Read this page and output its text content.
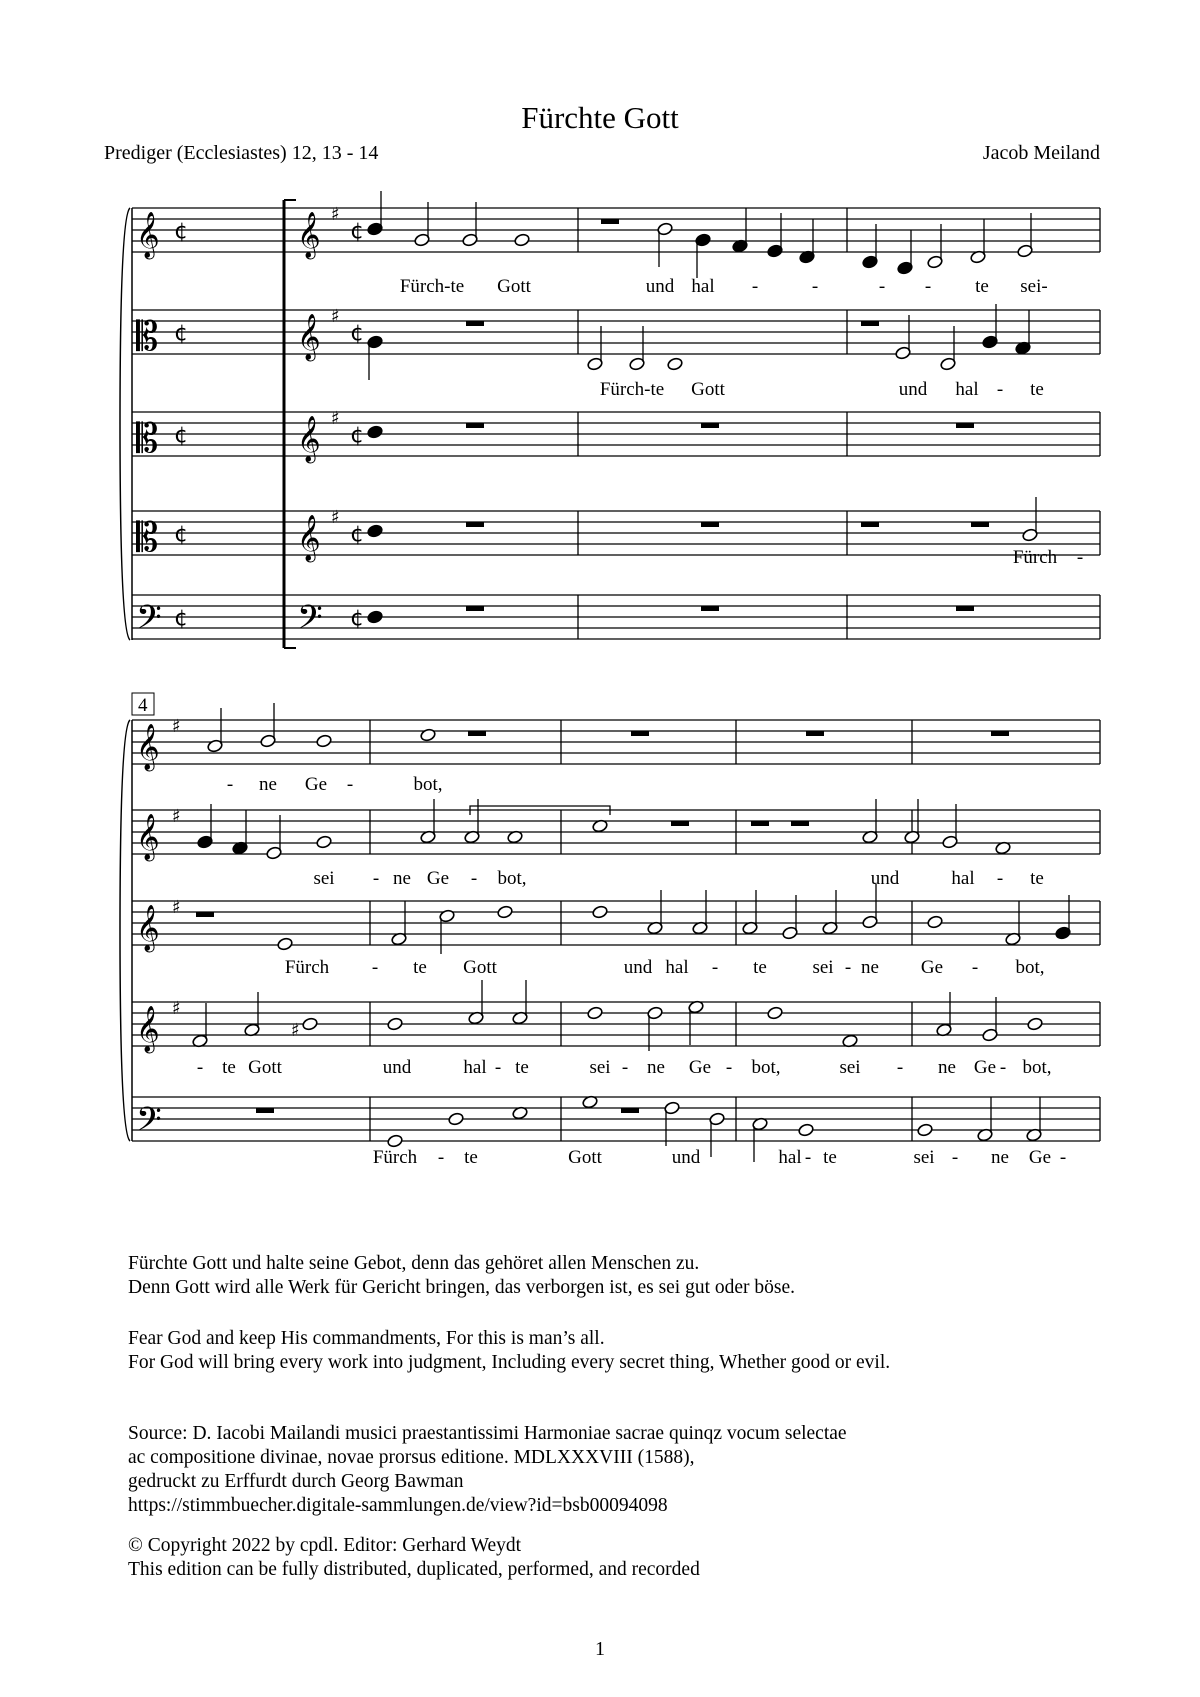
Fürchte Gott
Prediger (Ecclesiastes) 12, 13 - 14	Jacob Meiland
𝄞 ¢	𝄞 ♯
¢
𝄡 ¢	𝄞 ♯
¢
𝄡 ¢	𝄞 ♯
¢
𝄡 ¢	𝄞 ♯
¢
𝄢 ¢	𝄢 ¢
Fürch-te Gott	und hal -	-	- - te sei-
Fürch-te Gott	und hal - te
Fürch -
𝄞 ♯
𝄞 ♯
𝄞 ♯
𝄞 ♯
𝄢
- ne Ge -	bot,
sei - ne Ge - bot,	und	hal - te
Fürch - te Gott	und hal - te sei - ne Ge - bot,
♯
- te Gott	und	hal - te	sei - ne Ge - bot,	sei - ne Ge - bot,
Fürch - te	Gott	und	hal - te	sei - ne Ge -
4
Fürchte Gott und halte seine Gebot, denn das gehöret allen Menschen zu.
Denn Gott wird alle Werk für Gericht bringen, das verborgen ist, es sei gut oder böse.
Fear God and keep His commandments, For this is man’s all.
For God will bring every work into judgment, Including every secret thing, Whether good or evil.
Source: D. Iacobi Mailandi musici praestantissimi Harmoniae sacrae quinqz vocum selectae
ac compositione divinae, novae prorsus editione. MDLXXXVIII (1588),
gedruckt zu Erffurdt durch Georg Bawman
https://stimmbuecher.digitale-sammlungen.de/view?id=bsb00094098
© Copyright 2022 by cpdl. Editor: Gerhard Weydt
This edition can be fully distributed, duplicated, performed, and recorded
1
